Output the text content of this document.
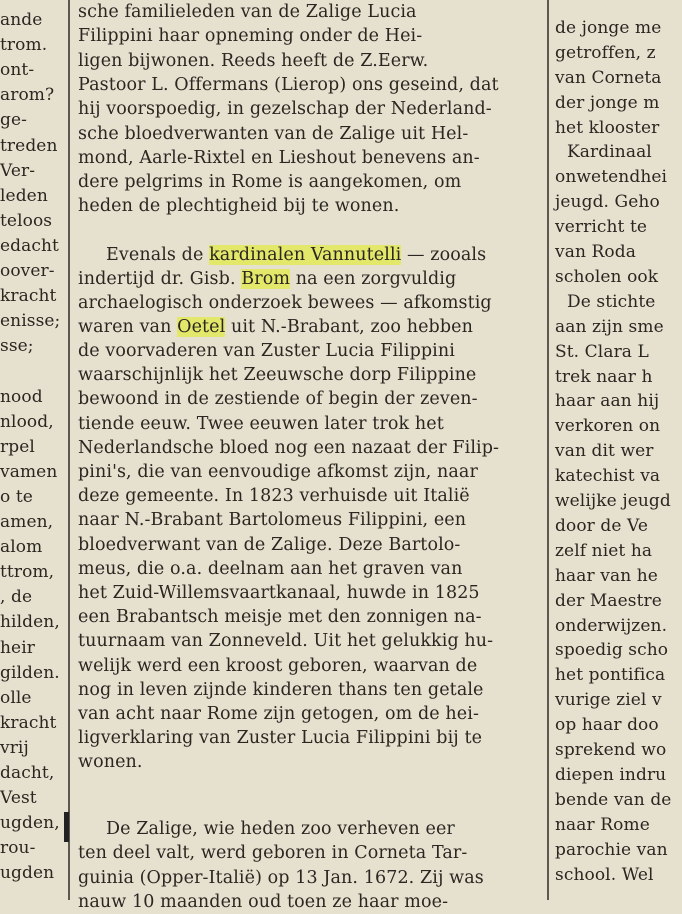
ande
trom.
ont-
arom?
ge-
treden
Ver-
leden
teloos
edacht
oover-
kracht
enisse;
sse;
nood
nlood,
rpel
vamen
o te
amen,
alom
ttrom,
, de
hilden,
heir
gilden.
olle
kracht
vrij
dacht,
Vest
ugden,
rou-
ugden
sche familieleden van de Zalige Lucia
Filippini haar opneming onder de Hei-
ligen bijwonen. Reeds heeft de Z.Eerw.
Pastoor L. Offermans (Lierop) ons geseind, dat
hij voorspoedig, in gezelschap der Nederland-
sche bloedverwanten van de Zalige uit Hel-
mond, Aarle-Rixtel en Lieshout benevens an-
dere pelgrims in Rome is aangekomen, om
heden de plechtigheid bij te wonen.
Evenals de kardinalen Vannutelli — zooals
indertijd dr. Gisb. Brom na een zorgvuldig
archaelogisch onderzoek bewees — afkomstig
waren van Oetel uit N.-Brabant, zoo hebben
de voorvaderen van Zuster Lucia Filippini
waarschijnlijk het Zeeuwsche dorp Filippine
bewoond in de zestiende of begin der zeven-
tiende eeuw. Twee eeuwen later trok het
Nederlandsche bloed nog een nazaat der Filip-
pini's, die van eenvoudige afkomst zijn, naar
deze gemeente. In 1823 verhuisde uit Italië
naar N.-Brabant Bartolomeus Filippini, een
bloedverwant van de Zalige. Deze Bartolo-
meus, die o.a. deelnam aan het graven van
het Zuid-Willemsvaartkanaal, huwde in 1825
een Brabantsch meisje met den zonnigen na-
tuurnaam van Zonneveld. Uit het gelukkig hu-
welijk werd een kroost geboren, waarvan de
nog in leven zijnde kinderen thans ten getale
van acht naar Rome zijn getogen, om de hei-
ligverklaring van Zuster Lucia Filippini bij te
wonen.
De Zalige, wie heden zoo verheven eer
ten deel valt, werd geboren in Corneta Tar-
guinia (Opper-Italië) op 13 Jan. 1672. Zij was
nauw 10 maanden oud toen ze haar moe-
de jonge me
getroffen, z
van Corneta
der jonge m
het klooster
Kardinaal
onwetendhei
jeugd. Geho
verricht te
van Roda
scholen ook
De stichte
aan zijn sme
St. Clara L
trek naar h
haar aan hij
verkoren on
van dit wer
katechist va
welijke jeugd
door de Ve
zelf niet ha
haar van he
der Maestre
onderwijzen.
spoedig scho
het pontifica
vurige ziel v
op haar doo
sprekend wo
diepen indru
bende van de
naar Rome
parochie van
school. Wel
